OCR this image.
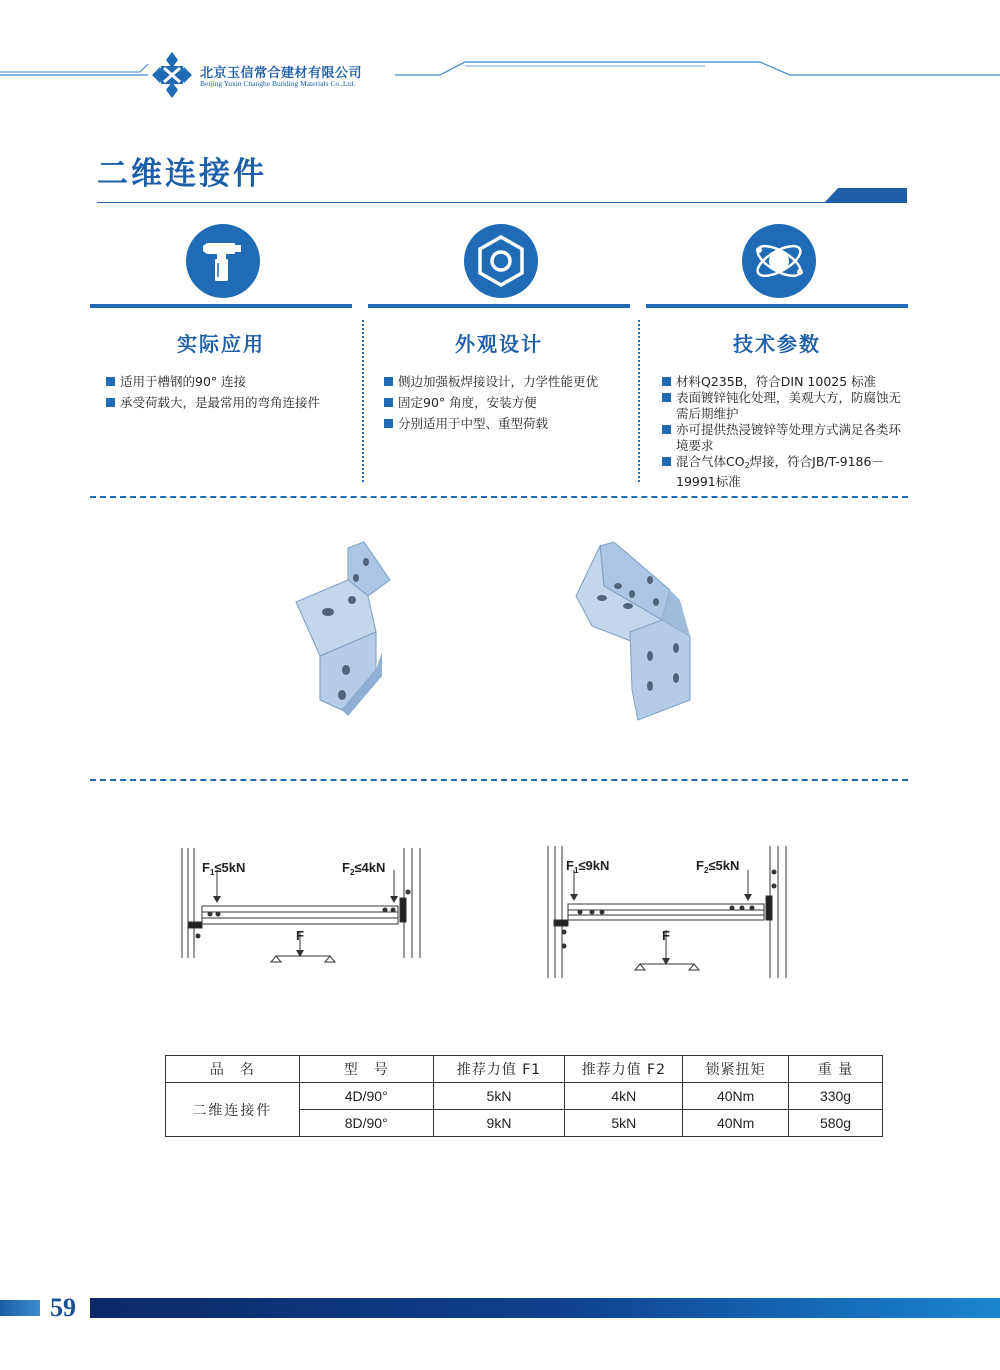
北京玉信常合建材有限公司
Beijing Yuxin Changhe Building Materials Co.,Ltd.
二维连接件
实际应用
适用于槽钢的90° 连接
承受荷载大，是最常用的弯角连接件
外观设计
侧边加强板焊接设计，力学性能更优
固定90° 角度，安装方便
分别适用于中型、重型荷载
技术参数
材料Q235B，符合DIN 10025 标准
表面镀锌钝化处理，美观大方，防腐蚀无需后期维护
亦可提供热浸镀锌等处理方式满足各类环境要求
混合气体$CO_2$焊接，符合JB/T-9186－19991标准
$F_1\le 5kN$	$F_2\le 4kN$
F
$F_1\le 9kN$	$F_2\le 5kN$
F
品　名	型　号	推荐力值 F1	推荐力值 F2	锁紧扭矩	重 量
二维连接件	4D/90°	5kN	4kN	40Nm	330g
	8D/90°	9kN	5kN	40Nm	580g
59
